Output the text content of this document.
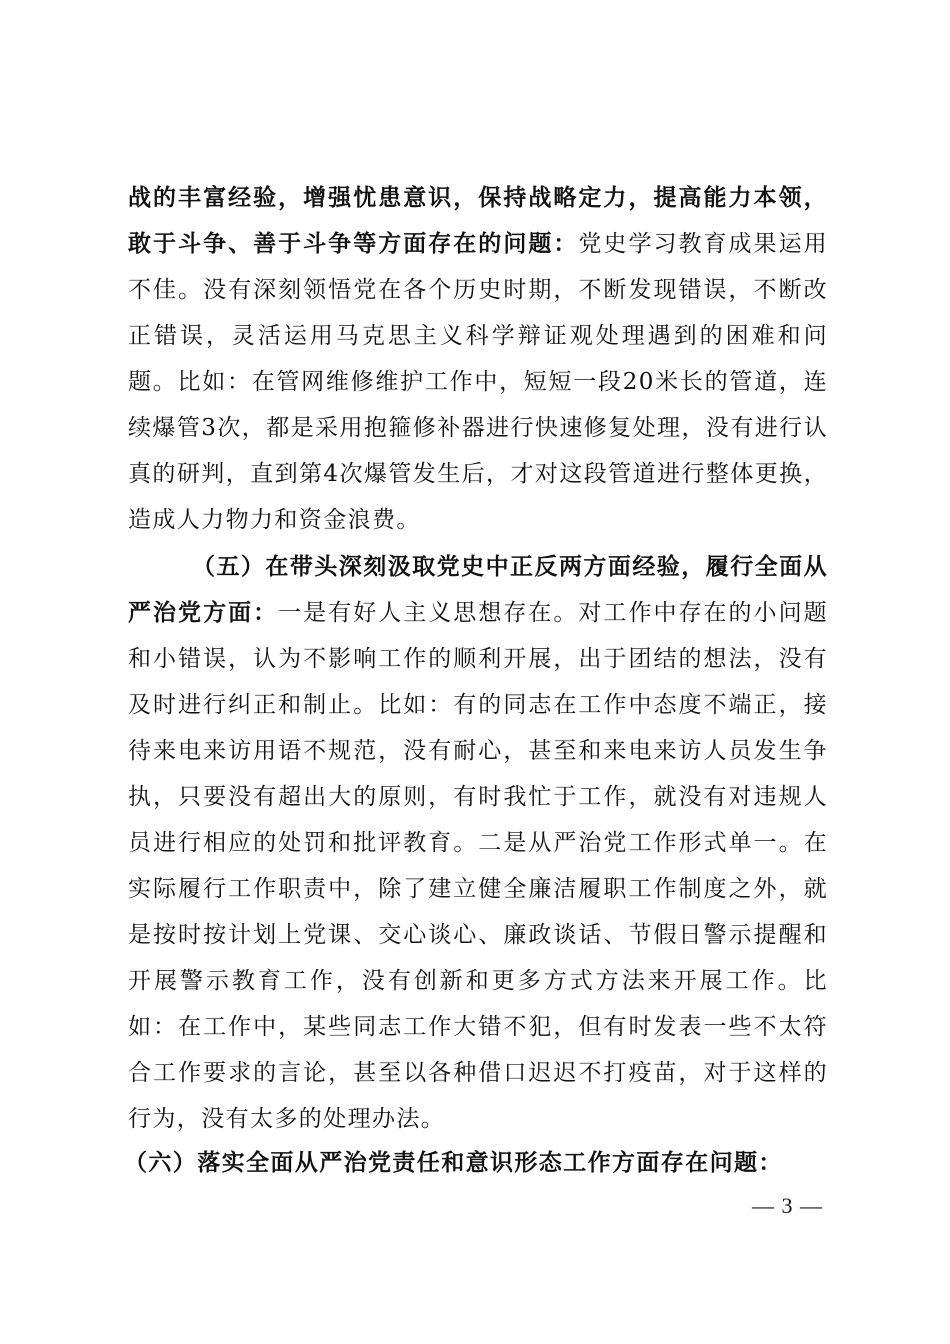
战的丰富经验，增强忧患意识，保持战略定力，提高能力本领，敢于斗争、善于斗争等方面存在的问题：党史学习教育成果运用不佳。没有深刻领悟党在各个历史时期，不断发现错误，不断改正错误，灵活运用马克思主义科学辩证观处理遇到的困难和问题。比如：在管网维修维护工作中，短短一段20米长的管道，连续爆管3次，都是采用抱箍修补器进行快速修复处理，没有进行认真的研判，直到第4次爆管发生后，才对这段管道进行整体更换，造成人力物力和资金浪费。

（五）在带头深刻汲取党史中正反两方面经验，履行全面从严治党方面：一是有好人主义思想存在。对工作中存在的小问题和小错误，认为不影响工作的顺利开展，出于团结的想法，没有及时进行纠正和制止。比如：有的同志在工作中态度不端正，接待来电来访用语不规范，没有耐心，甚至和来电来访人员发生争执，只要没有超出大的原则，有时我忙于工作，就没有对违规人员进行相应的处罚和批评教育。二是从严治党工作形式单一。在实际履行工作职责中，除了建立健全廉洁履职工作制度之外，就是按时按计划上党课、交心谈心、廉政谈话、节假日警示提醒和开展警示教育工作，没有创新和更多方式方法来开展工作。比如：在工作中，某些同志工作大错不犯，但有时发表一些不太符合工作要求的言论，甚至以各种借口迟迟不打疫苗，对于这样的行为，没有太多的处理办法。

（六）落实全面从严治党责任和意识形态工作方面存在问题：

— 3 —
